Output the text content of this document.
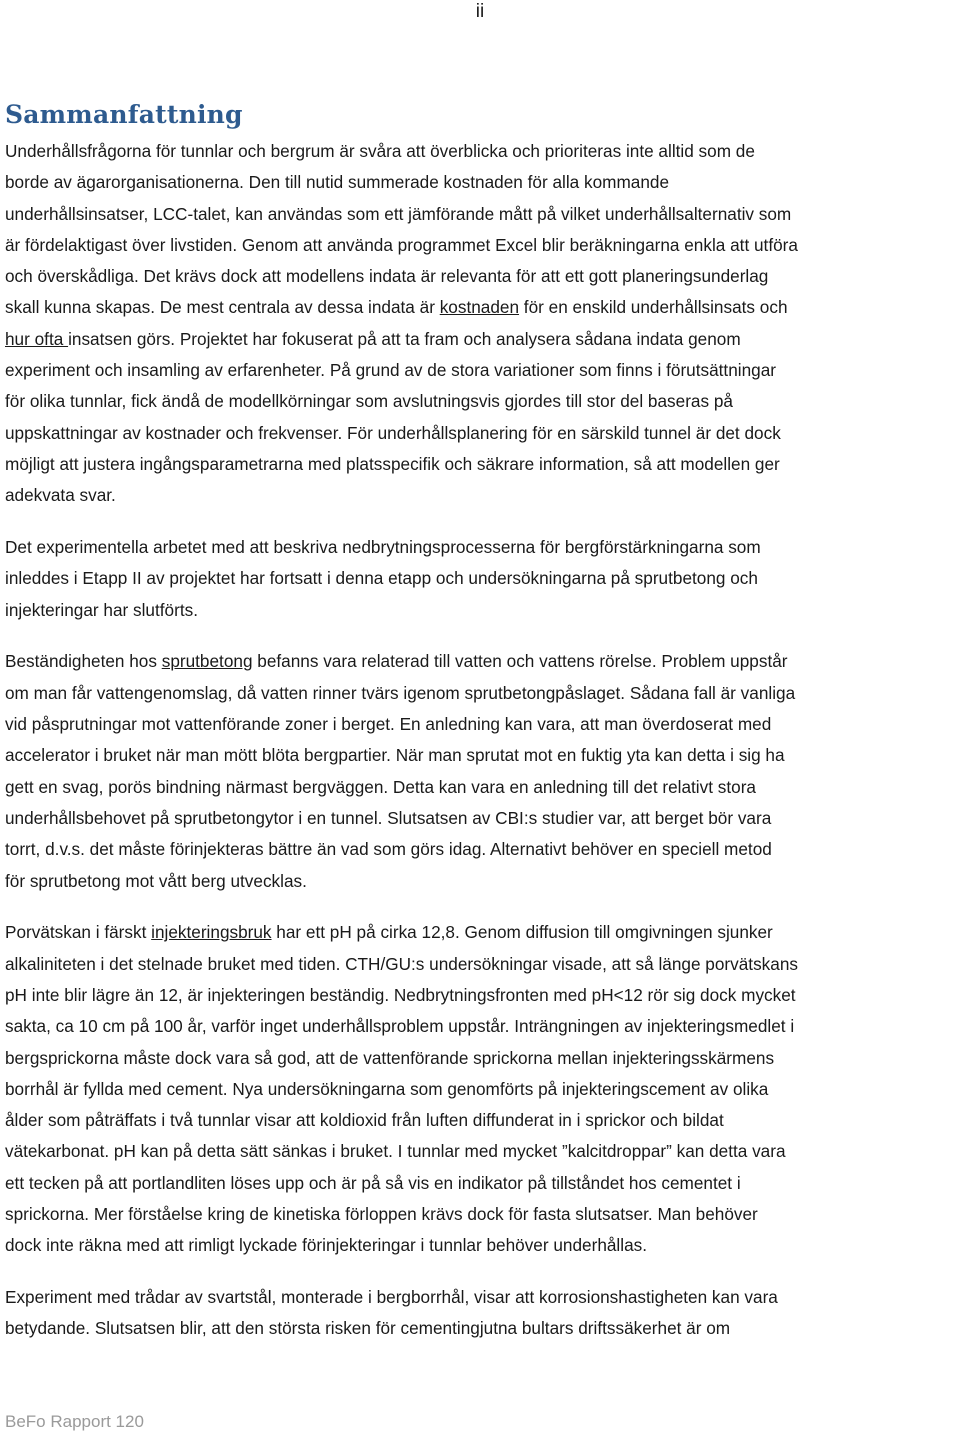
ii
Sammanfattning

Underhållsfrågorna för tunnlar och bergrum är svåra att överblicka och prioriteras inte alltid som de
borde av ägarorganisationerna. Den till nutid summerade kostnaden för alla kommande
underhållsinsatser, LCC-talet, kan användas som ett jämförande mått på vilket underhållsalternativ som
är fördelaktigast över livstiden. Genom att använda programmet Excel blir beräkningarna enkla att utföra
och överskådliga. Det krävs dock att modellens indata är relevanta för att ett gott planeringsunderlag
skall kunna skapas. De mest centrala av dessa indata är kostnaden för en enskild underhållsinsats och
hur ofta insatsen görs. Projektet har fokuserat på att ta fram och analysera sådana indata genom
experiment och insamling av erfarenheter. På grund av de stora variationer som finns i förutsättningar
för olika tunnlar, fick ändå de modellkörningar som avslutningsvis gjordes till stor del baseras på
uppskattningar av kostnader och frekvenser. För underhållsplanering för en särskild tunnel är det dock
möjligt att justera ingångsparametrarna med platsspecifik och säkrare information, så att modellen ger
adekvata svar.

Det experimentella arbetet med att beskriva nedbrytningsprocesserna för bergförstärkningarna som
inleddes i Etapp II av projektet har fortsatt i denna etapp och undersökningarna på sprutbetong och
injekteringar har slutförts.

Beständigheten hos sprutbetong befanns vara relaterad till vatten och vattens rörelse. Problem uppstår
om man får vattengenomslag, då vatten rinner tvärs igenom sprutbetongpåslaget. Sådana fall är vanliga
vid påsprutningar mot vattenförande zoner i berget. En anledning kan vara, att man överdoserat med
accelerator i bruket när man mött blöta bergpartier. När man sprutat mot en fuktig yta kan detta i sig ha
gett en svag, porös bindning närmast bergväggen. Detta kan vara en anledning till det relativt stora
underhållsbehovet på sprutbetongytor i en tunnel. Slutsatsen av CBI:s studier var, att berget bör vara
torrt, d.v.s. det måste förinjekteras bättre än vad som görs idag. Alternativt behöver en speciell metod
för sprutbetong mot vått berg utvecklas.

Porvätskan i färskt injekteringsbruk har ett pH på cirka 12,8. Genom diffusion till omgivningen sjunker
alkaliniteten i det stelnade bruket med tiden. CTH/GU:s undersökningar visade, att så länge porvätskans
pH inte blir lägre än 12, är injekteringen beständig. Nedbrytningsfronten med pH<12 rör sig dock mycket
sakta, ca 10 cm på 100 år, varför inget underhållsproblem uppstår. Inträngningen av injekteringsmedlet i
bergsprickorna måste dock vara så god, att de vattenförande sprickorna mellan injekteringsskärmens
borrhål är fyllda med cement. Nya undersökningarna som genomförts på injekteringscement av olika
ålder som påträffats i två tunnlar visar att koldioxid från luften diffunderat in i sprickor och bildat
vätekarbonat. pH kan på detta sätt sänkas i bruket. I tunnlar med mycket ”kalcitdroppar” kan detta vara
ett tecken på att portlandliten löses upp och är på så vis en indikator på tillståndet hos cementet i
sprickorna. Mer förståelse kring de kinetiska förloppen krävs dock för fasta slutsatser. Man behöver
dock inte räkna med att rimligt lyckade förinjekteringar i tunnlar behöver underhållas.

Experiment med trådar av svartstål, monterade i bergborrhål, visar att korrosionshastigheten kan vara
betydande. Slutsatsen blir, att den största risken för cementingjutna bultars driftssäkerhet är om

BeFo Rapport 120
